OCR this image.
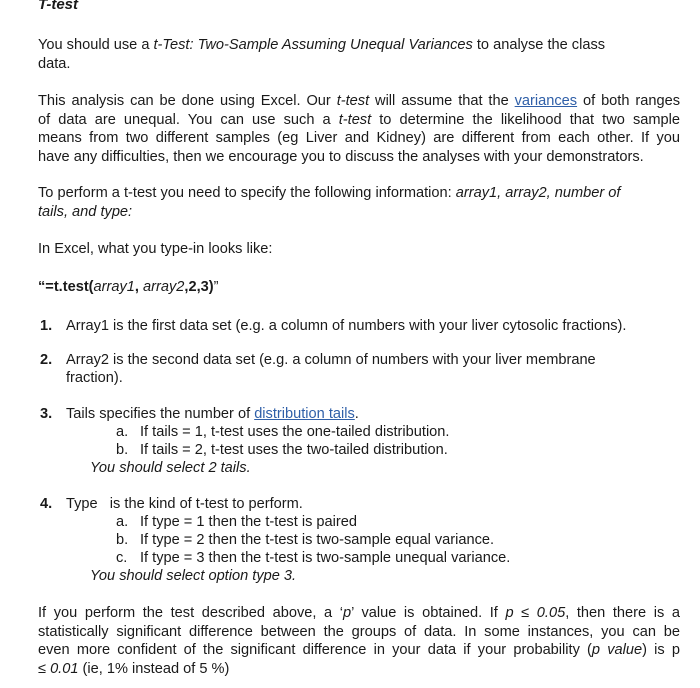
T-test
You should use a t-Test: Two-Sample Assuming Unequal Variances to analyse the class
data.
This analysis can be done using Excel. Our t-test will assume that the variances of both ranges
of data are unequal. You can use such a t-test to determine the likelihood that two sample
means from two different samples (eg Liver and Kidney) are different from each other. If you
have any difficulties, then we encourage you to discuss the analyses with your demonstrators.
To perform a t-test you need to specify the following information: array1, array2, number of
tails, and type:
In Excel, what you type-in looks like:
“=t.test(array1, array2,2,3)”
1. Array1 is the first data set (e.g. a column of numbers with your liver cytosolic fractions).
2. Array2 is the second data set (e.g. a column of numbers with your liver membrane
fraction).
3. Tails specifies the number of distribution tails.
a. If tails = 1, t-test uses the one-tailed distribution.
b. If tails = 2, t-test uses the two-tailed distribution.
You should select 2 tails.
4. Type   is the kind of t-test to perform.
a. If type = 1 then the t-test is paired
b. If type = 2 then the t-test is two-sample equal variance.
c. If type = 3 then the t-test is two-sample unequal variance.
You should select option type 3.
If you perform the test described above, a ‘p’ value is obtained. If p ≤ 0.05, then there is a
statistically significant difference between the groups of data. In some instances, you can be
even more confident of the significant difference in your data if your probability (p value) is p
≤ 0.01 (ie, 1% instead of 5 %)
